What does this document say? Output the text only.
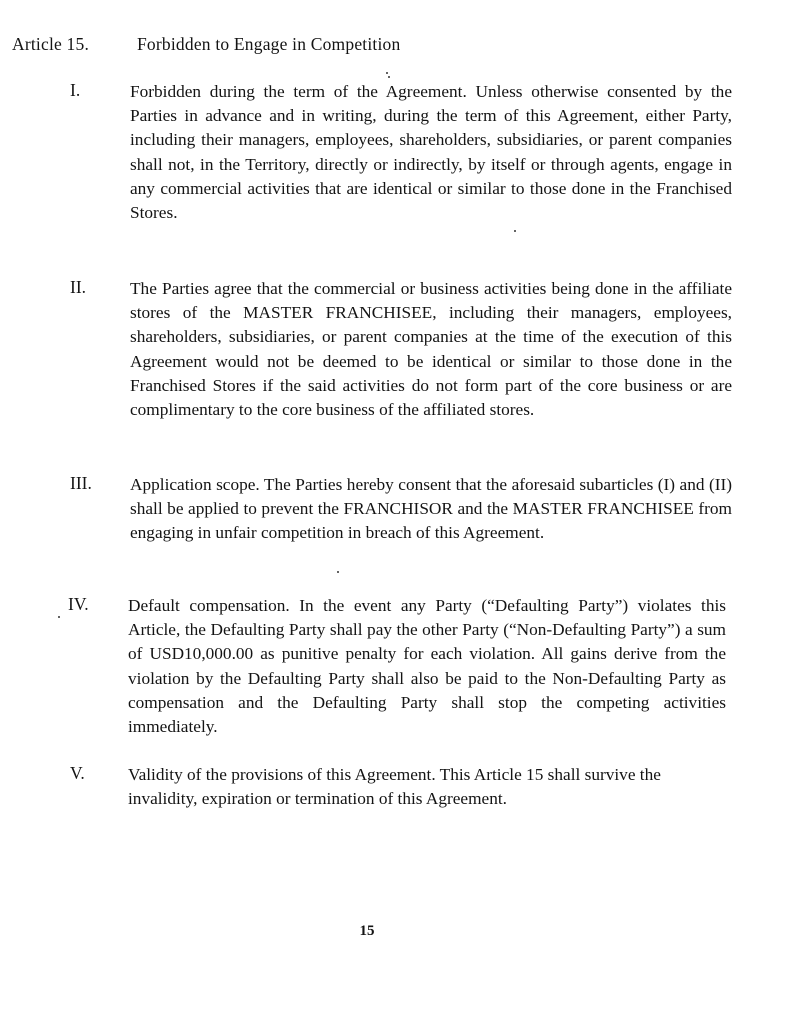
Article 15.	Forbidden to Engage in Competition
I.	Forbidden during the term of the Agreement. Unless otherwise consented by the Parties in advance and in writing, during the term of this Agreement, either Party, including their managers, employees, shareholders, subsidiaries, or parent companies shall not, in the Territory, directly or indirectly, by itself or through agents, engage in any commercial activities that are identical or similar to those done in the Franchised Stores.

II.	The Parties agree that the commercial or business activities being done in the affiliate stores of the MASTER FRANCHISEE, including their managers, employees, shareholders, subsidiaries, or parent companies at the time of the execution of this Agreement would not be deemed to be identical or similar to those done in the Franchised Stores if the said activities do not form part of the core business or are complimentary to the core business of the affiliated stores.

III. Application scope. The Parties hereby consent that the aforesaid subarticles (I) and (II) shall be applied to prevent the FRANCHISOR and the MASTER FRANCHISEE from engaging in unfair competition in breach of this Agreement.

IV. Default compensation. In the event any Party (“Defaulting Party”) violates this Article, the Defaulting Party shall pay the other Party (“Non-Defaulting Party”) a sum of USD10,000.00 as punitive penalty for each violation. All gains derive from the violation by the Defaulting Party shall also be paid to the Non-Defaulting Party as compensation and the Defaulting Party shall stop the competing activities immediately.

V. Validity of the provisions of this Agreement. This Article 15 shall survive the invalidity, expiration or termination of this Agreement.

15
